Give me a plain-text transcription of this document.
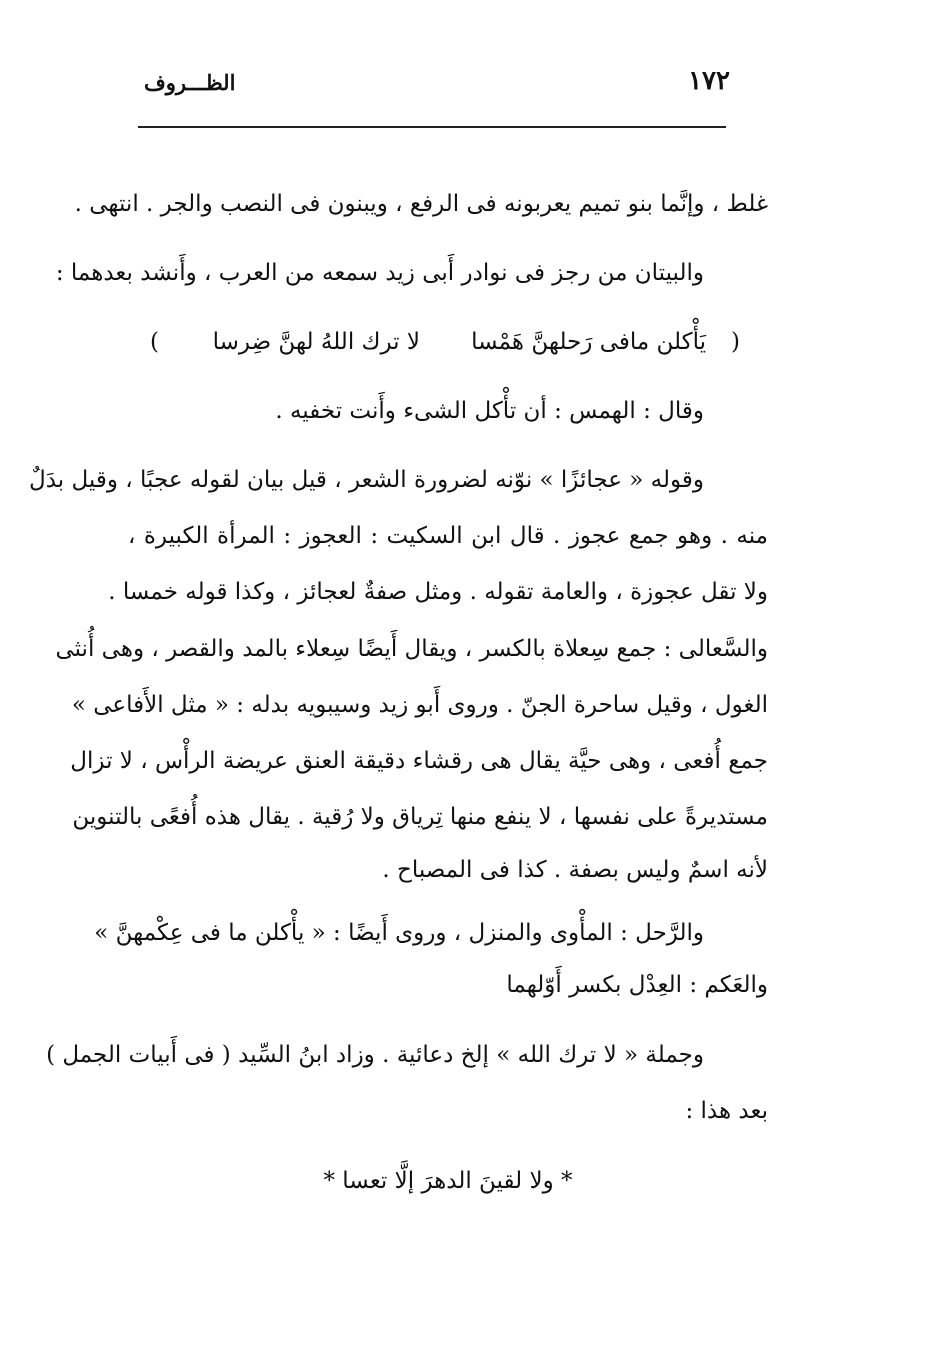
١٧٢
الظـــروف
غلط ، وإنَّما بنو تميم يعربونه فى الرفع ، ويبنون فى النصب والجر . انتهى .
والبيتان من رجز فى نوادر أَبى زيد سمعه من العرب ، وأَنشد بعدهما :
(
يَأْكلن مافى رَحلهنَّ هَمْسا
لا ترك اللهُ لهنَّ ضِرسا
)
وقال : الهمس : أن تأْكل الشىء وأَنت تخفيه .
وقوله « عجائزًا » نوّنه لضرورة الشعر ، قيل بيان لقوله عجبًا ، وقيل بدَلٌ
منه . وهو جمع عجوز . قال ابن السكيت : العجوز : المرأة الكبيرة ،
ولا تقل عجوزة ، والعامة تقوله . ومثل صفةٌ لعجائز ، وكذا قوله خمسا .
والسَّعالى : جمع سِعلاة بالكسر ، ويقال أَيضًا سِعلاء بالمد والقصر ، وهى أُنثى
الغول ، وقيل ساحرة الجنّ . وروى أَبو زيد وسيبويه بدله : « مثل الأَفاعى »
جمع أُفعى ، وهى حيَّة يقال هى رقشاء دقيقة العنق عريضة الرأْس ، لا تزال
مستديرةً على نفسها ، لا ينفع منها تِرياق ولا رُقية . يقال هذه أُفعًى بالتنوين
لأنه اسمٌ وليس بصفة . كذا فى المصباح .
والرَّحل : المأْوى والمنزل ، وروى أَيضًا : « يأْكلن ما فى عِكْمهنَّ »
والعَكم : العِدْل بكسر أَوّلهما
وجملة « لا ترك الله » إلخ دعائية . وزاد ابنُ السِّيد ( فى أَبيات الجمل )
بعد هذا :
* ولا لقينَ الدهرَ إلَّا تعسا *
